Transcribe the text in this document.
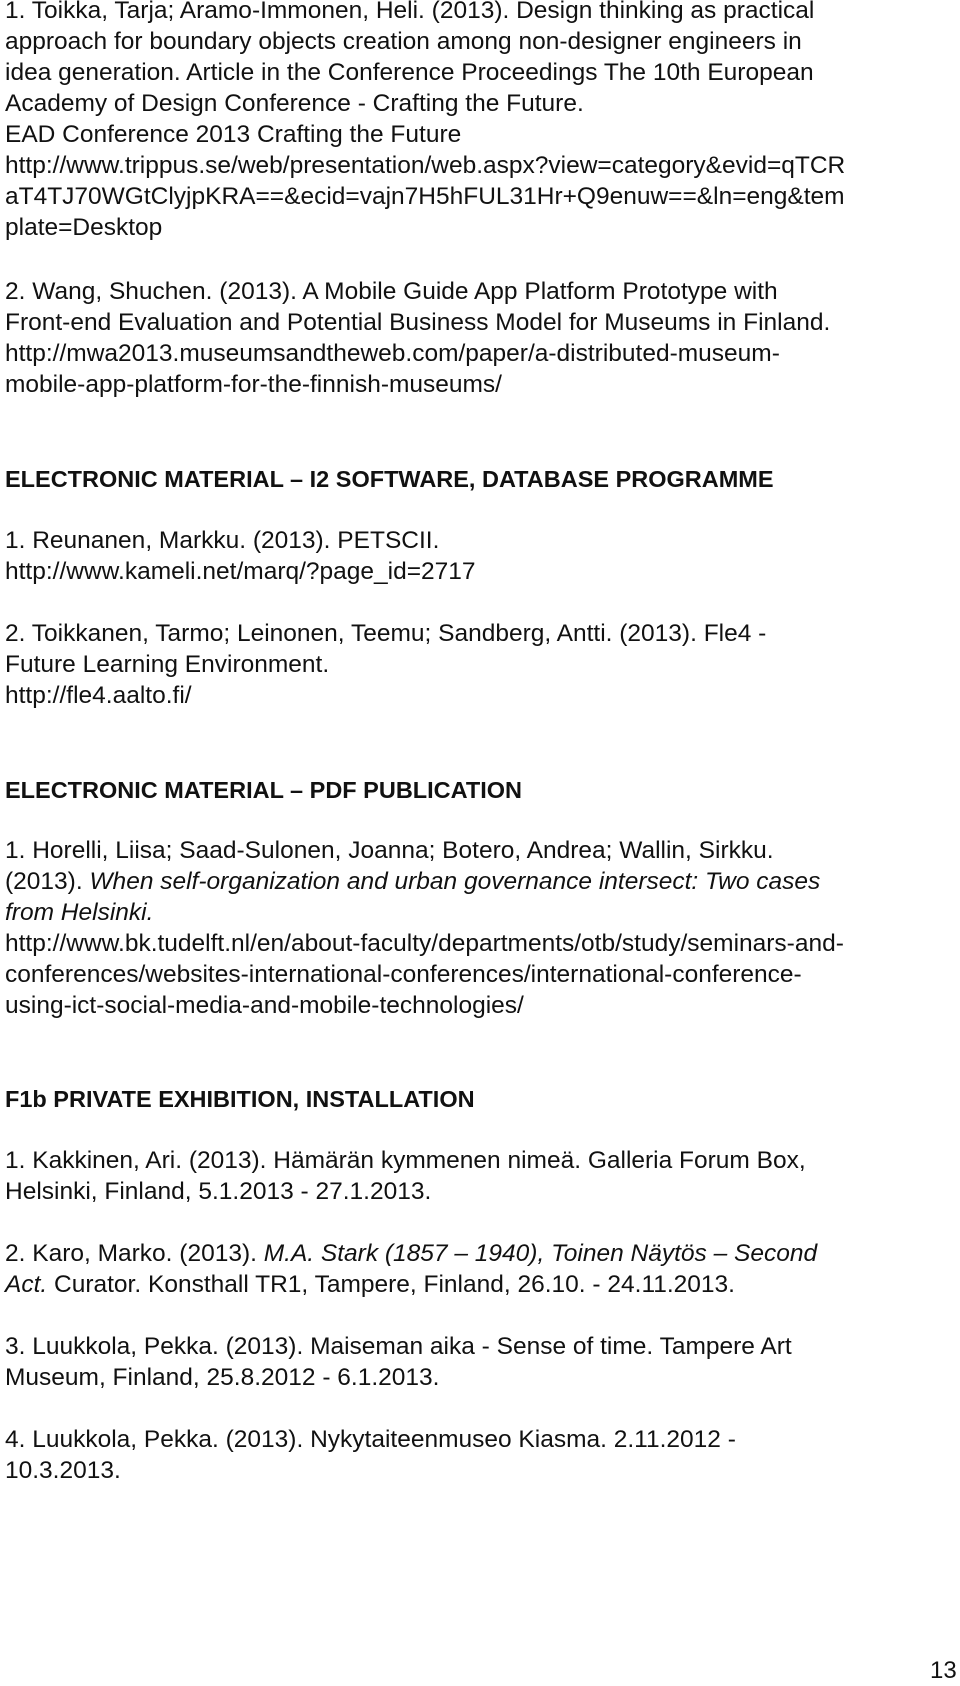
1. Toikka, Tarja; Aramo-Immonen, Heli. (2013). Design thinking as practical
approach for boundary objects creation among non-designer engineers in
idea generation. Article in the Conference Proceedings The 10th European
Academy of Design Conference - Crafting the Future.
EAD Conference 2013 Crafting the Future
http://www.trippus.se/web/presentation/web.aspx?view=category&evid=qTCR
aT4TJ70WGtClyjpKRA==&ecid=vajn7H5hFUL31Hr+Q9enuw==&ln=eng&tem
plate=Desktop
2. Wang, Shuchen. (2013). A Mobile Guide App Platform Prototype with
Front-end Evaluation and Potential Business Model for Museums in Finland.
http://mwa2013.museumsandtheweb.com/paper/a-distributed-museum-
mobile-app-platform-for-the-finnish-museums/
ELECTRONIC MATERIAL – I2 SOFTWARE, DATABASE PROGRAMME
1. Reunanen, Markku. (2013). PETSCII.
http://www.kameli.net/marq/?page_id=2717
2. Toikkanen, Tarmo; Leinonen, Teemu; Sandberg, Antti. (2013). Fle4 -
Future Learning Environment.
http://fle4.aalto.fi/
ELECTRONIC MATERIAL – PDF PUBLICATION
1. Horelli, Liisa; Saad-Sulonen, Joanna; Botero, Andrea; Wallin, Sirkku.
(2013). When self-organization and urban governance intersect: Two cases
from Helsinki.
http://www.bk.tudelft.nl/en/about-faculty/departments/otb/study/seminars-and-
conferences/websites-international-conferences/international-conference-
using-ict-social-media-and-mobile-technologies/
F1b PRIVATE EXHIBITION, INSTALLATION
1. Kakkinen, Ari. (2013). Hämärän kymmenen nimeä. Galleria Forum Box,
Helsinki, Finland, 5.1.2013 - 27.1.2013.
2. Karo, Marko. (2013). M.A. Stark (1857 – 1940), Toinen Näytös – Second
Act. Curator. Konsthall TR1, Tampere, Finland, 26.10. - 24.11.2013.
3. Luukkola, Pekka. (2013). Maiseman aika - Sense of time. Tampere Art
Museum, Finland, 25.8.2012 - 6.1.2013.
4. Luukkola, Pekka. (2013). Nykytaiteenmuseo Kiasma. 2.11.2012 -
10.3.2013.
13
